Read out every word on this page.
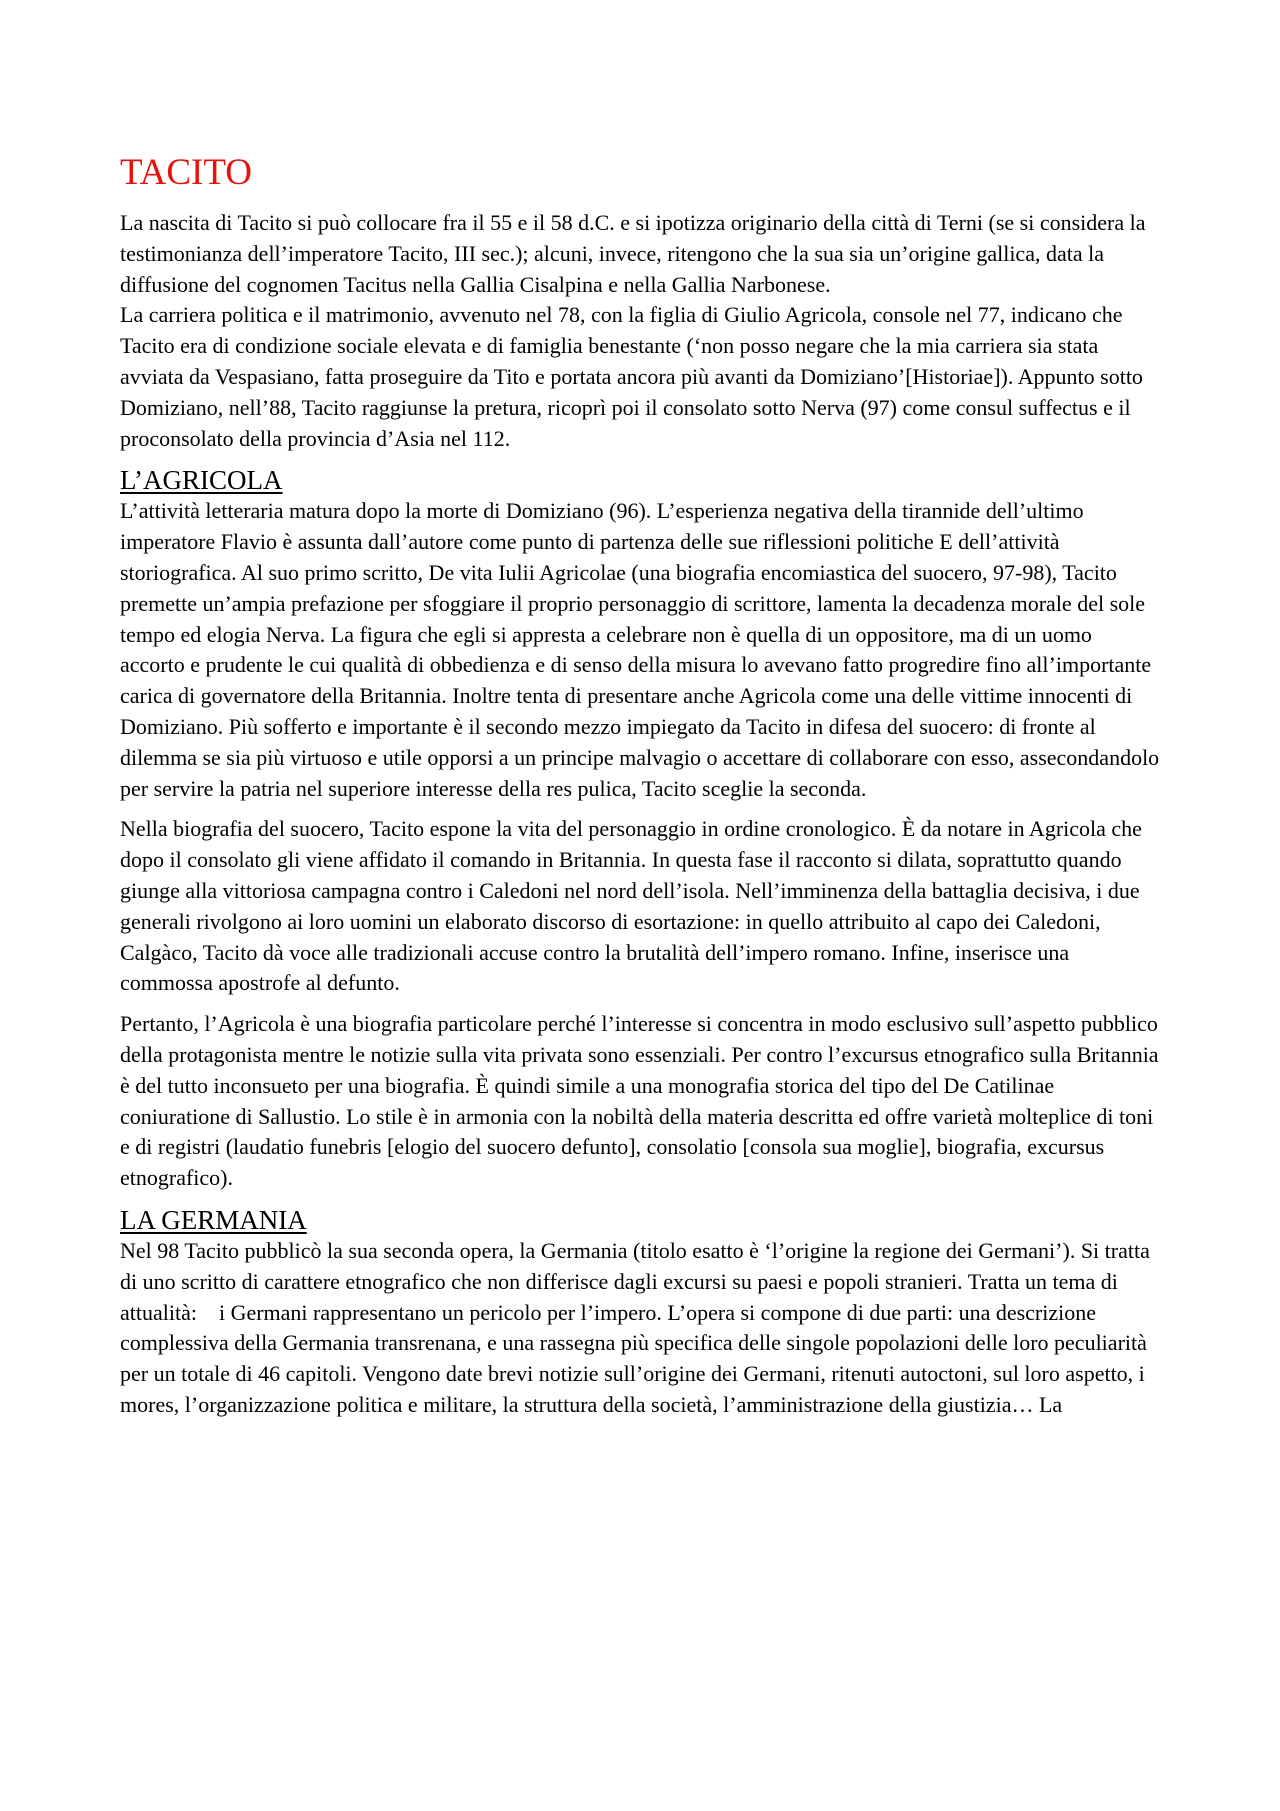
TACITO

La nascita di Tacito si può collocare fra il 55 e il 58 d.C. e si ipotizza originario della città di Terni (se si considera la testimonianza dell’imperatore Tacito, III sec.); alcuni, invece, ritengono che la sua sia un’origine gallica, data la diffusione del cognomen Tacitus nella Gallia Cisalpina e nella Gallia Narbonese.

La carriera politica e il matrimonio, avvenuto nel 78, con la figlia di Giulio Agricola, console nel 77, indicano che Tacito era di condizione sociale elevata e di famiglia benestante (‘non posso negare che la mia carriera sia stata avviata da Vespasiano, fatta proseguire da Tito e portata ancora più avanti da Domiziano’[Historiae]). Appunto sotto Domiziano, nell’88, Tacito raggiunse la pretura, ricoprì poi il consolato sotto Nerva (97) come consul suffectus e il proconsolato della provincia d’Asia nel 112.

L’AGRICOLA

L’attività letteraria matura dopo la morte di Domiziano (96). L’esperienza negativa della tirannide dell’ultimo imperatore Flavio è assunta dall’autore come punto di partenza delle sue riflessioni politiche E dell’attività storiografica. Al suo primo scritto, De vita Iulii Agricolae (una biografia encomiastica del suocero, 97-98), Tacito premette un’ampia prefazione per sfoggiare il proprio personaggio di scrittore, lamenta la decadenza morale del sole tempo ed elogia Nerva. La figura che egli si appresta a celebrare non è quella di un oppositore, ma di un uomo accorto e prudente le cui qualità di obbedienza e di senso della misura lo avevano fatto progredire fino all’importante carica di governatore della Britannia. Inoltre tenta di presentare anche Agricola come una delle vittime innocenti di Domiziano. Più sofferto e importante è il secondo mezzo impiegato da Tacito in difesa del suocero: di fronte al dilemma se sia più virtuoso e utile opporsi a un principe malvagio o accettare di collaborare con esso, assecondandolo per servire la patria nel superiore interesse della res pulica, Tacito sceglie la seconda.

Nella biografia del suocero, Tacito espone la vita del personaggio in ordine cronologico. È da notare in Agricola che dopo il consolato gli viene affidato il comando in Britannia. In questa fase il racconto si dilata, soprattutto quando giunge alla vittoriosa campagna contro i Caledoni nel nord dell’isola. Nell’imminenza della battaglia decisiva, i due generali rivolgono ai loro uomini un elaborato discorso di esortazione: in quello attribuito al capo dei Caledoni, Calgàco, Tacito dà voce alle tradizionali accuse contro la brutalità dell’impero romano. Infine, inserisce una commossa apostrofe al defunto.

Pertanto, l’Agricola è una biografia particolare perché l’interesse si concentra in modo esclusivo sull’aspetto pubblico della protagonista mentre le notizie sulla vita privata sono essenziali. Per contro l’excursus etnografico sulla Britannia è del tutto inconsueto per una biografia. È quindi simile a una monografia storica del tipo del De Catilinae coniuratione di Sallustio. Lo stile è in armonia con la nobiltà della materia descritta ed offre varietà molteplice di toni e di registri (laudatio funebris [elogio del suocero defunto], consolatio [consola sua moglie], biografia, excursus etnografico).

LA GERMANIA

Nel 98 Tacito pubblicò la sua seconda opera, la Germania (titolo esatto è ‘l’origine la regione dei Germani’). Si tratta di uno scritto di carattere etnografico che non differisce dagli excursi su paesi e popoli stranieri. Tratta un tema di attualità:    i Germani rappresentano un pericolo per l’impero. L’opera si compone di due parti: una descrizione complessiva della Germania transrenana, e una rassegna più specifica delle singole popolazioni delle loro peculiarità per un totale di 46 capitoli. Vengono date brevi notizie sull’origine dei Germani, ritenuti autoctoni, sul loro aspetto, i mores, l’organizzazione politica e militare, la struttura della società, l’amministrazione della giustizia… La
